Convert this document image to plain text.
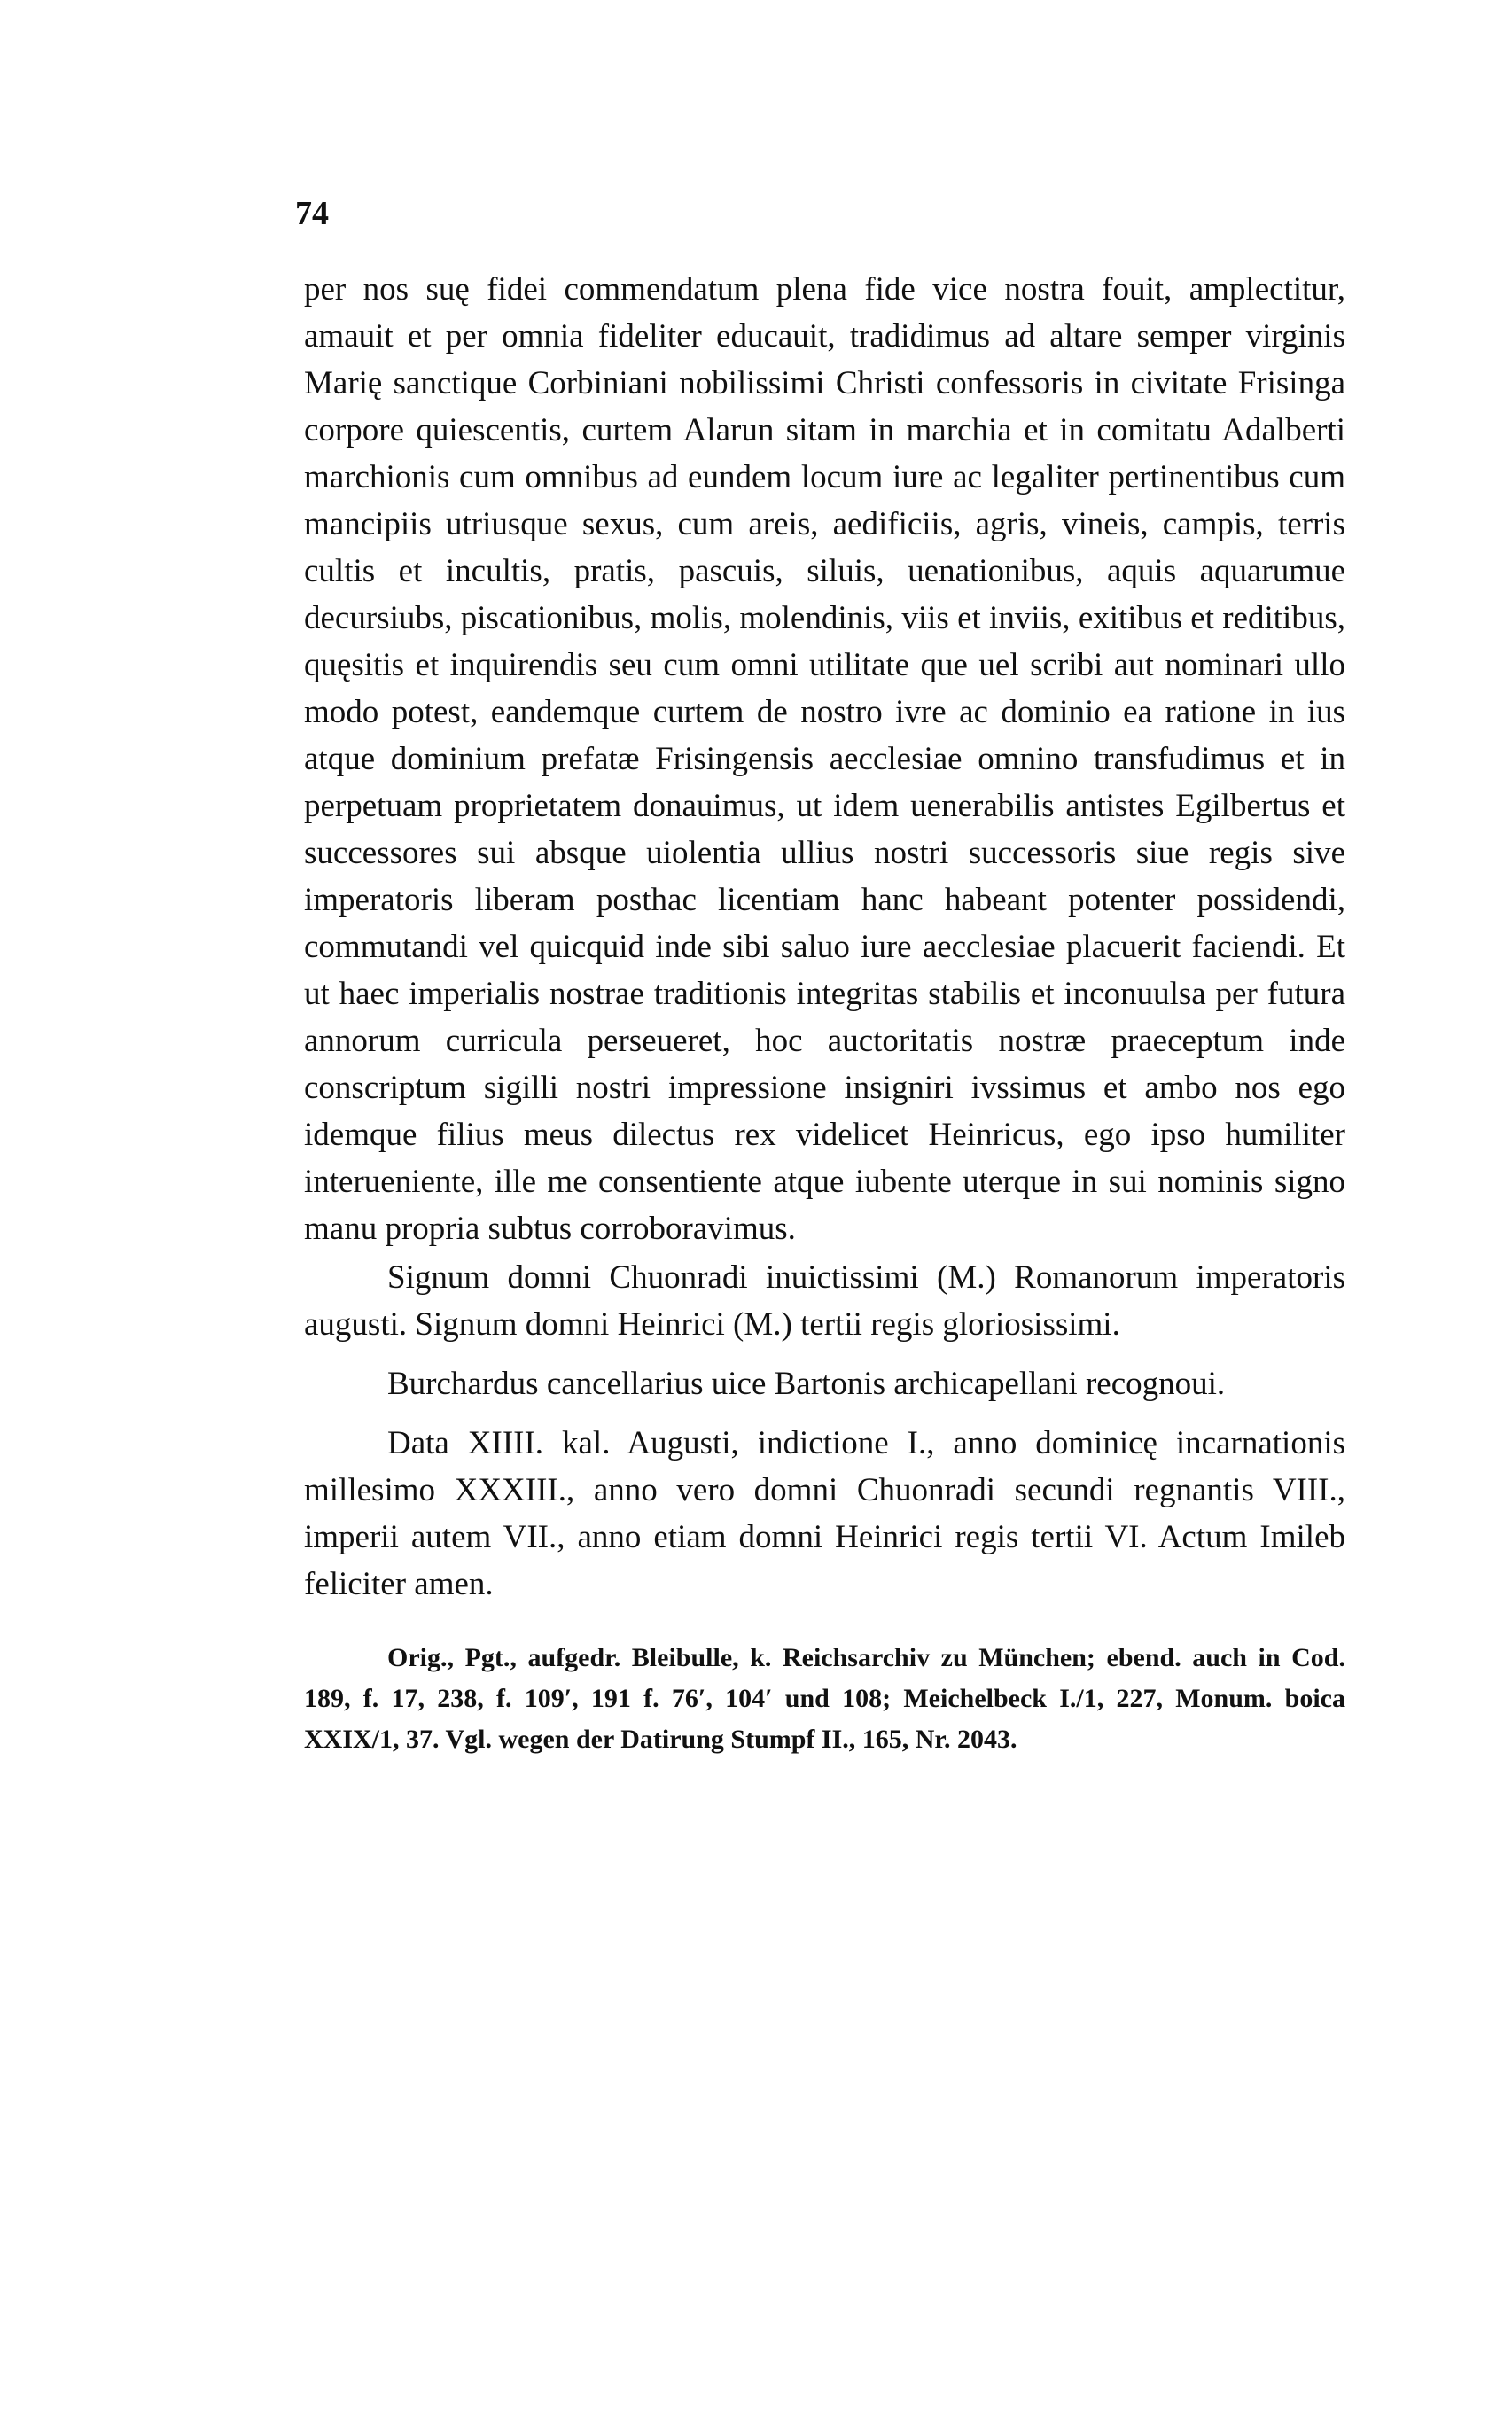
74

per nos suę fidei commendatum plena fide vice nostra fouit, amplectitur, amauit et per omnia fideliter educauit, tradidimus ad altare semper virginis Marię sanctique Corbiniani nobilissimi Christi confessoris in civitate Frisinga corpore quiescentis, curtem Alarun sitam in marchia et in comitatu Adalberti marchionis cum omnibus ad eundem locum iure ac legaliter pertinentibus cum mancipiis utriusque sexus, cum areis, aedificiis, agris, vineis, campis, terris cultis et incultis, pratis, pascuis, siluis, uenationibus, aquis aquarumue decursiubs, piscationibus, molis, molendinis, viis et inviis, exitibus et reditibus, quęsitis et inquirendis seu cum omni utilitate que uel scribi aut nominari ullo modo potest, eandemque curtem de nostro ivre ac dominio ea ratione in ius atque dominium prefatæ Frisingensis aecclesiae omnino transfudimus et in perpetuam proprietatem donauimus, ut idem uenerabilis antistes Egilbertus et successores sui absque uiolentia ullius nostri successoris siue regis sive imperatoris liberam posthac licentiam hanc habeant potenter possidendi, commutandi vel quicquid inde sibi saluo iure aecclesiae placuerit faciendi. Et ut haec imperialis nostrae traditionis integritas stabilis et inconuulsa per futura annorum curricula perseueret, hoc auctoritatis nostræ praeceptum inde conscriptum sigilli nostri impressione insigniri ivssimus et ambo nos ego idemque filius meus dilectus rex videlicet Heinricus, ego ipso humiliter interueniente, ille me consentiente atque iubente uterque in sui nominis signo manu propria subtus corroboravimus.

Signum domni Chuonradi inuictissimi (M.) Romanorum imperatoris augusti. Signum domni Heinrici (M.) tertii regis gloriosissimi.

Burchardus cancellarius uice Bartonis archicapellani recognoui.

Data XIIII. kal. Augusti, indictione I., anno dominicę incarnationis millesimo XXXIII., anno vero domni Chuonradi secundi regnantis VIII., imperii autem VII., anno etiam domni Heinrici regis tertii VI. Actum Imileb feliciter amen.

Orig., Pgt., aufgedr. Bleibulle, k. Reichsarchiv zu München; ebend. auch in Cod. 189, f. 17, 238, f. 109′, 191 f. 76′, 104′ und 108; Meichelbeck I./1, 227, Monum. boica XXIX/1, 37. Vgl. wegen der Datirung Stumpf II., 165, Nr. 2043.
